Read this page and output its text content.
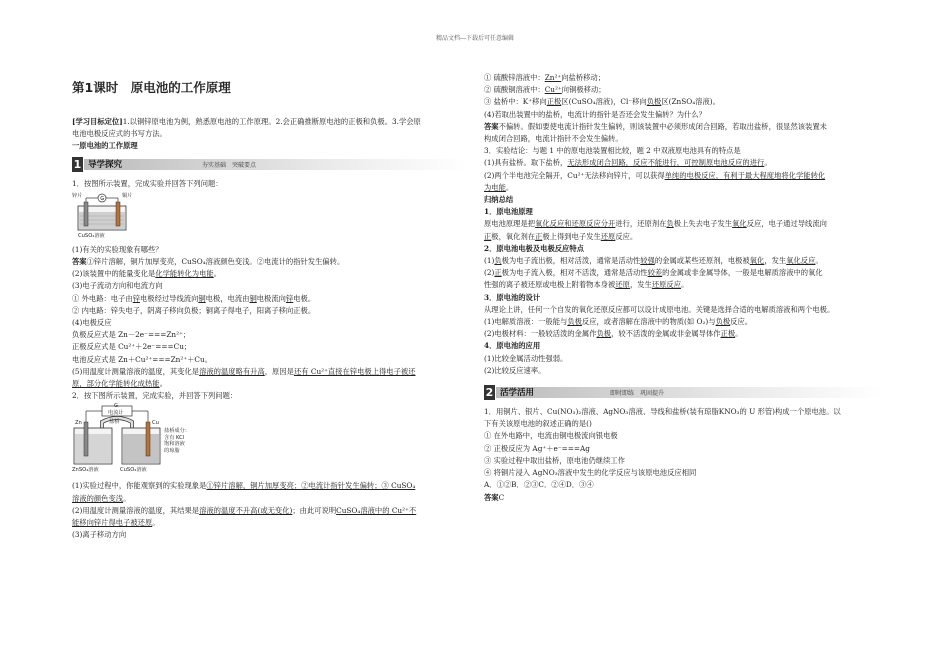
精品文档---下载后可任意编辑
第1课时　原电池的工作原理

[学习目标定位]1.以铜锌原电池为例，熟悉原电池的工作原理。2.会正确推断原电池的正极和负极。3.学会原

电池电极反应式的书写方法。

一原电池的工作原理

1 导学探究	夯实基础　突破要点

1．按图所示装置，完成实验并回答下列问题：

G
锌片	铜片
CuSO₄溶液

(1)有关的实验现象有哪些？

答案①锌片溶解，铜片加厚变亮，CuSO₄溶液颜色变浅。②电流计的指针发生偏转。

(2)该装置中的能量变化是化学能转化为电能。

(3)电子流动方向和电流方向

① 外电路：电子由锌电极经过导线流向铜电极，电流由铜电极流向锌电极。

② 内电路：锌失电子，阴离子移向负极；铜离子得电子，阳离子移向正极。

(4)电极反应

负极反应式是 Zn－2e⁻===Zn²⁺；

正极反应式是 Cu²⁺＋2e⁻===Cu；

电池反应式是 Zn＋Cu²⁺===Zn²⁺＋Cu。

(5)用温度计测量溶液的温度，其变化是溶液的温度略有升高，原因是还有 Cu²⁺直接在锌电极上得电子被还

原，部分化学能转化成热能。

2．按下图所示装置，完成实验，并回答下列问题：

G
电流计
盐桥
Zn	Cu
ZnSO₄溶液	CuSO₄溶液
盐桥成分：
含有 KCl
饱和溶液
的琼脂

(1)实验过程中，你能观察到的实验现象是①锌片溶解，铜片加厚变亮；②电流计指针发生偏转；③ CuSO₄

溶液的颜色变浅。

(2)用温度计测量溶液的温度，其结果是溶液的温度不升高(或无变化)；由此可说明CuSO₄溶液中的 Cu²⁺不

能移向锌片得电子被还原。

(3)离子移动方向

① 硫酸锌溶液中：Zn²⁺向盐桥移动；

② 硫酸铜溶液中：Cu²⁺向铜极移动；

③ 盐桥中：K⁺移向正极区(CuSO₄溶液)，Cl⁻移向负极区(ZnSO₄溶液)。

(4)若取出装置中的盐桥，电流计的指针是否还会发生偏转？为什么？

答案不偏转。假如要使电流计指针发生偏转，则该装置中必须形成闭合回路，若取出盐桥，很显然该装置未

构成闭合回路，电流计指针不会发生偏转。

3．实验结论：与题 1 中的原电池装置相比较，题 2 中双液原电池具有的特点是

(1)具有盐桥。取下盐桥，无法形成闭合回路，反应不能进行，可控制原电池反应的进行。

(2)两个半电池完全隔开，Cu²⁺无法移向锌片，可以获得单纯的电极反应，有利于最大程度地将化学能转化

为电能。

归纳总结

1．原电池原理

原电池原理是把氧化反应和还原反应分开进行，还原剂在负极上失去电子发生氧化反应，电子通过导线流向

正极，氧化剂在正极上得到电子发生还原反应。

2．原电池电极及电极反应特点

(1)负极为电子流出极，相对活泼，通常是活动性较强的金属或某些还原剂，电极被氧化，发生氧化反应。

(2)正极为电子流入极，相对不活泼，通常是活动性较差的金属或非金属导体，一般是电解质溶液中的氧化

性强的离子被还原或电极上附着物本身被还原，发生还原反应。

3．原电池的设计

从理论上讲，任何一个自发的氧化还原反应都可以设计成原电池。关键是选择合适的电解质溶液和两个电极。

(1)电解质溶液：一般能与负极反应，或者溶解在溶液中的物质(如 O₂)与负极反应。

(2)电极材料：一般较活泼的金属作负极，较不活泼的金属或非金属导体作正极。

4．原电池的应用

(1)比较金属活动性强弱。

(2)比较反应速率。

2 活学活用	即时即练　巩固提升

1．用铜片、银片、Cu(NO₃)₂溶液、AgNO₃溶液、导线和盐桥(装有琼脂KNO₃的 U 形管)构成一个原电池。以

下有关该原电池的叙述正确的是()

① 在外电路中，电流由铜电极流向银电极

② 正极反应为 Ag⁺＋e⁻===Ag

③ 实验过程中取出盐桥，原电池仍继续工作

④ 将铜片浸入 AgNO₃溶液中发生的化学反应与该原电池反应相同

A．①②B．②③C．②④D．③④

答案C
